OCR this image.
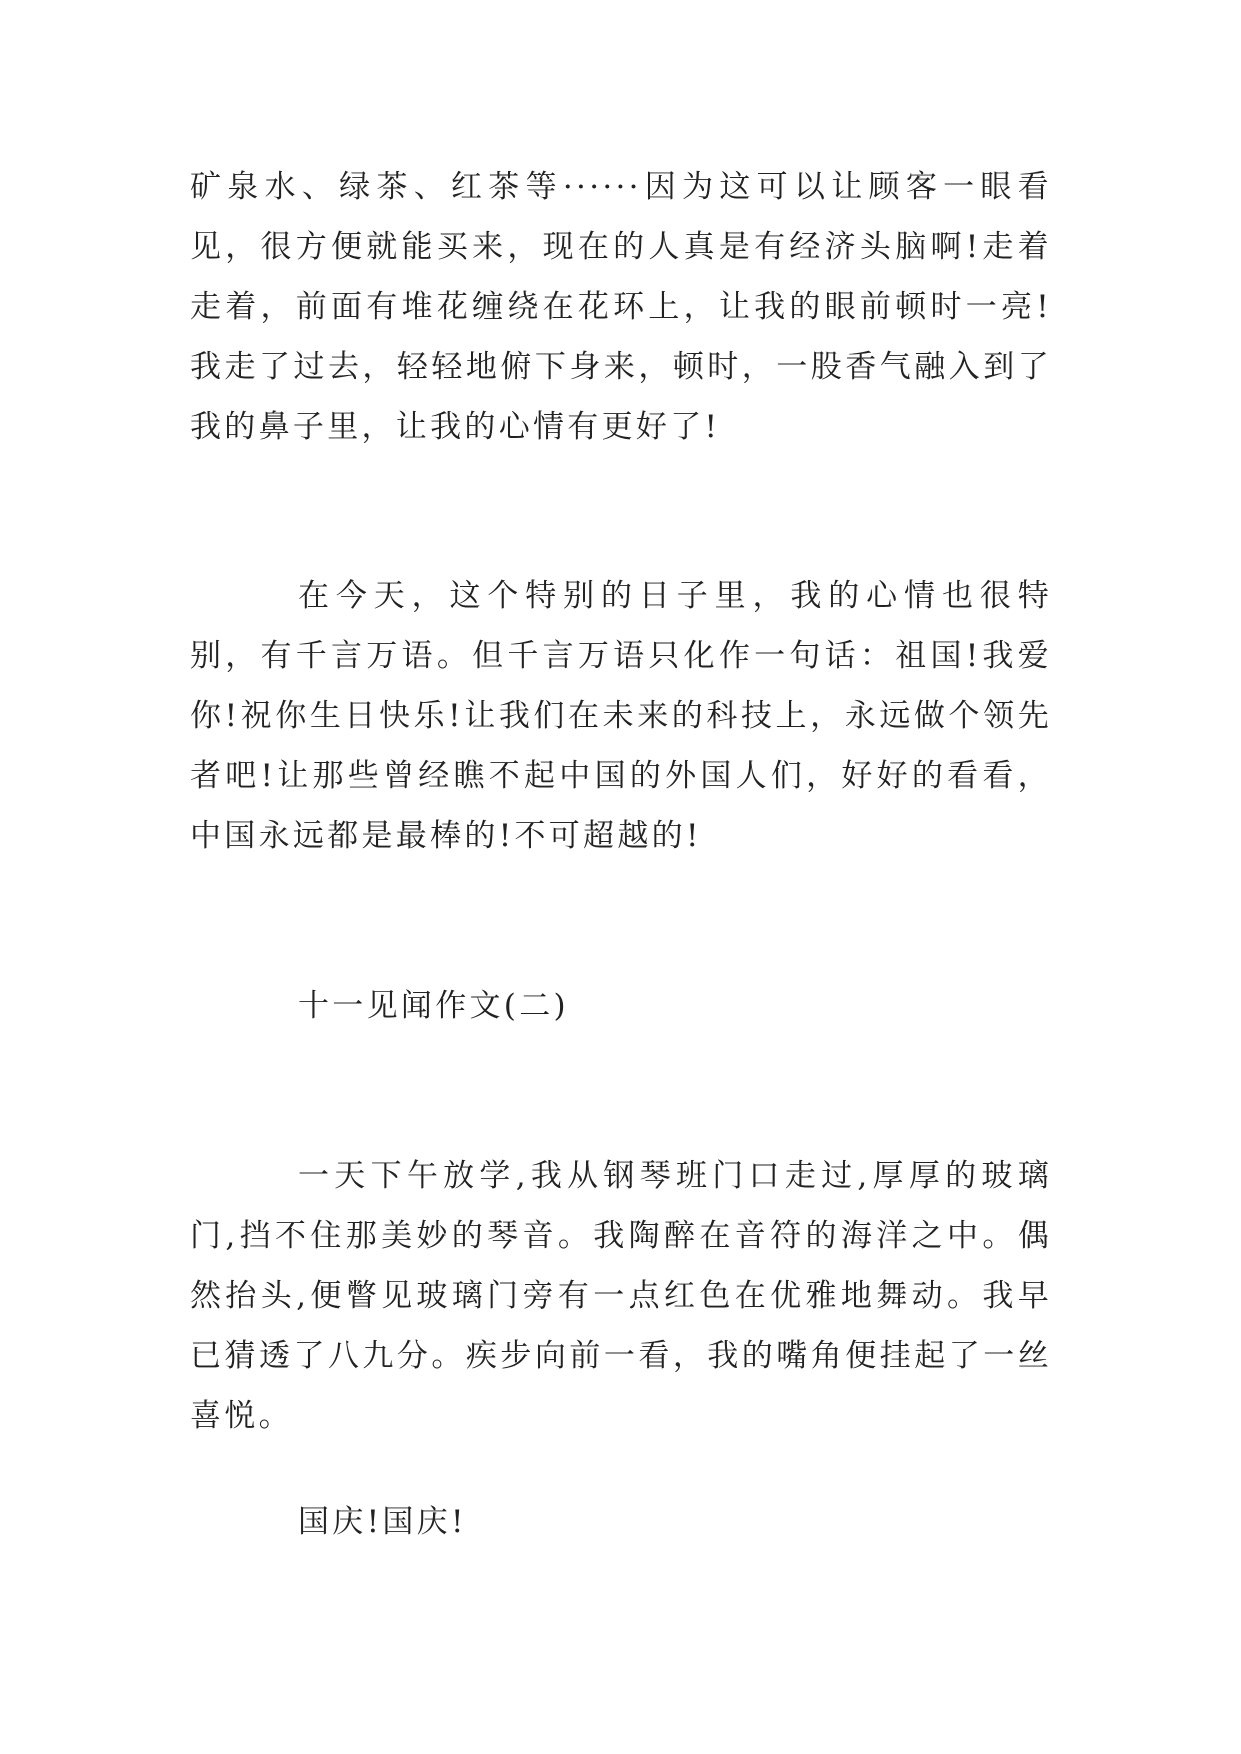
矿泉水、绿茶、红茶等······因为这可以让顾客一眼看见，很方便就能买来，现在的人真是有经济头脑啊!走着走着，前面有堆花缠绕在花环上，让我的眼前顿时一亮!我走了过去，轻轻地俯下身来，顿时，一股香气融入到了我的鼻子里，让我的心情有更好了!

在今天，这个特别的日子里，我的心情也很特别，有千言万语。但千言万语只化作一句话：祖国!我爱你!祝你生日快乐!让我们在未来的科技上，永远做个领先者吧!让那些曾经瞧不起中国的外国人们，好好的看看，中国永远都是最棒的!不可超越的!

十一见闻作文(二)

一天下午放学,我从钢琴班门口走过,厚厚的玻璃门,挡不住那美妙的琴音。我陶醉在音符的海洋之中。偶然抬头,便瞥见玻璃门旁有一点红色在优雅地舞动。我早已猜透了八九分。疾步向前一看，我的嘴角便挂起了一丝喜悦。

国庆!国庆!
